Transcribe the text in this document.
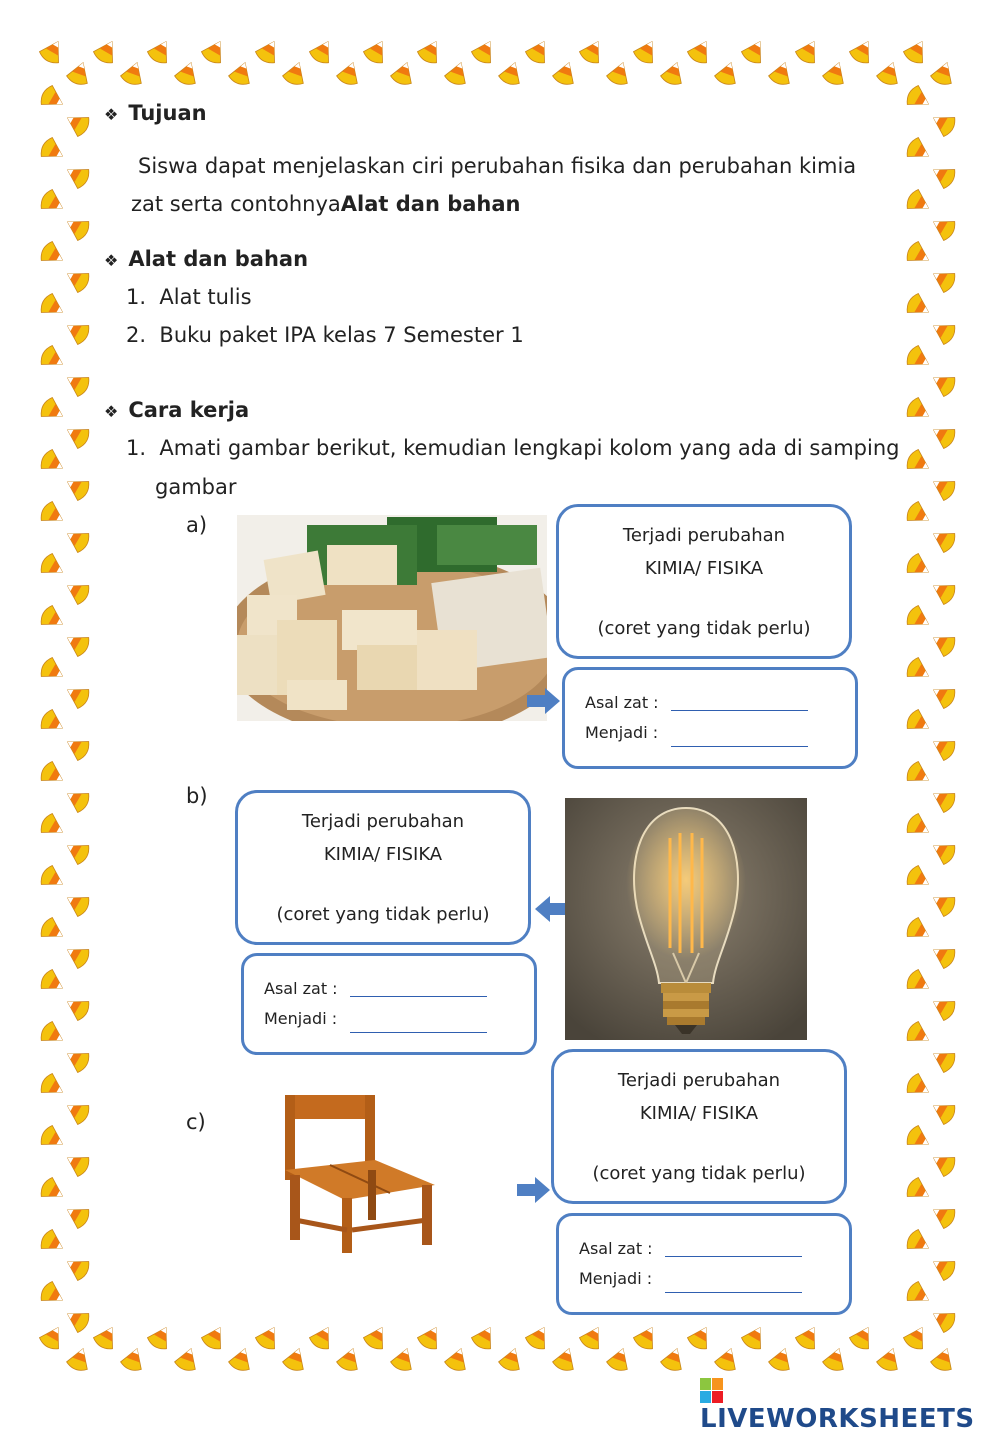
❖ Tujuan
Siswa dapat menjelaskan ciri perubahan fisika dan perubahan kimia
zat serta contohnyaAlat dan bahan
❖ Alat dan bahan
1. Alat tulis
2. Buku paket IPA kelas 7 Semester 1
❖ Cara kerja
1. Amati gambar berikut, kemudian lengkapi kolom yang ada di samping
gambar
a)	Terjadi perubahan
KIMIA/ FISIKA
(coret yang tidak perlu)
Asal zat :
Menjadi :
b)
Terjadi perubahan
KIMIA/ FISIKA
(coret yang tidak perlu)
Asal zat :
Menjadi :
c)
Terjadi perubahan
KIMIA/ FISIKA
(coret yang tidak perlu)
Asal zat :
Menjadi :
LIVEWORKSHEETS
